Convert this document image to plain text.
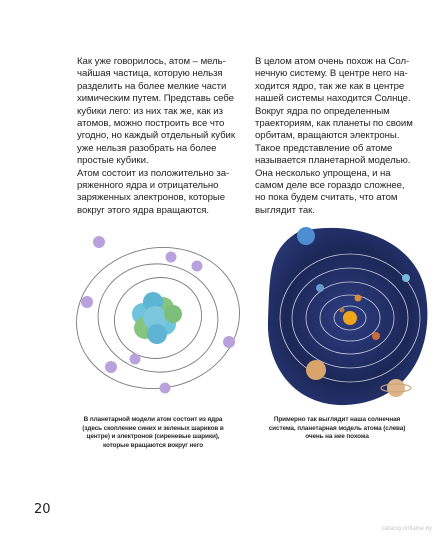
Как уже говорилось, атом – мельчайшая частица, которую нельзя разделить на более мелкие части химическим путем. Представь себе кубики лего: из них так же, как из атомов, можно построить все что угодно, но каждый отдельный кубик уже нельзя разобрать на более простые кубики.

Атом состоит из положительно заряженного ядра и отрицательно заряженных электронов, которые вокруг этого ядра вращаются.

В целом атом очень похож на Солнечную систему. В центре него находится ядро, так же как в центре нашей системы находится Солнце. Вокруг ядра по определенным траекториям, как планеты по своим орбитам, вращаются электроны. Такое представление об атоме называется планетарной моделью. Она несколько упрощена, и на самом деле все гораздо сложнее, но пока будем считать, что атом выглядит так.

В планетарной модели атом состоит из ядра (здесь скопление синих и зеленых шариков в центре) и электронов (сиреневые шарики), которые вращаются вокруг него
Примерно так выглядит наша солнечная система, планетарная модель атома (слева) очень на нее похожа
20
catalog.oriflame.by
